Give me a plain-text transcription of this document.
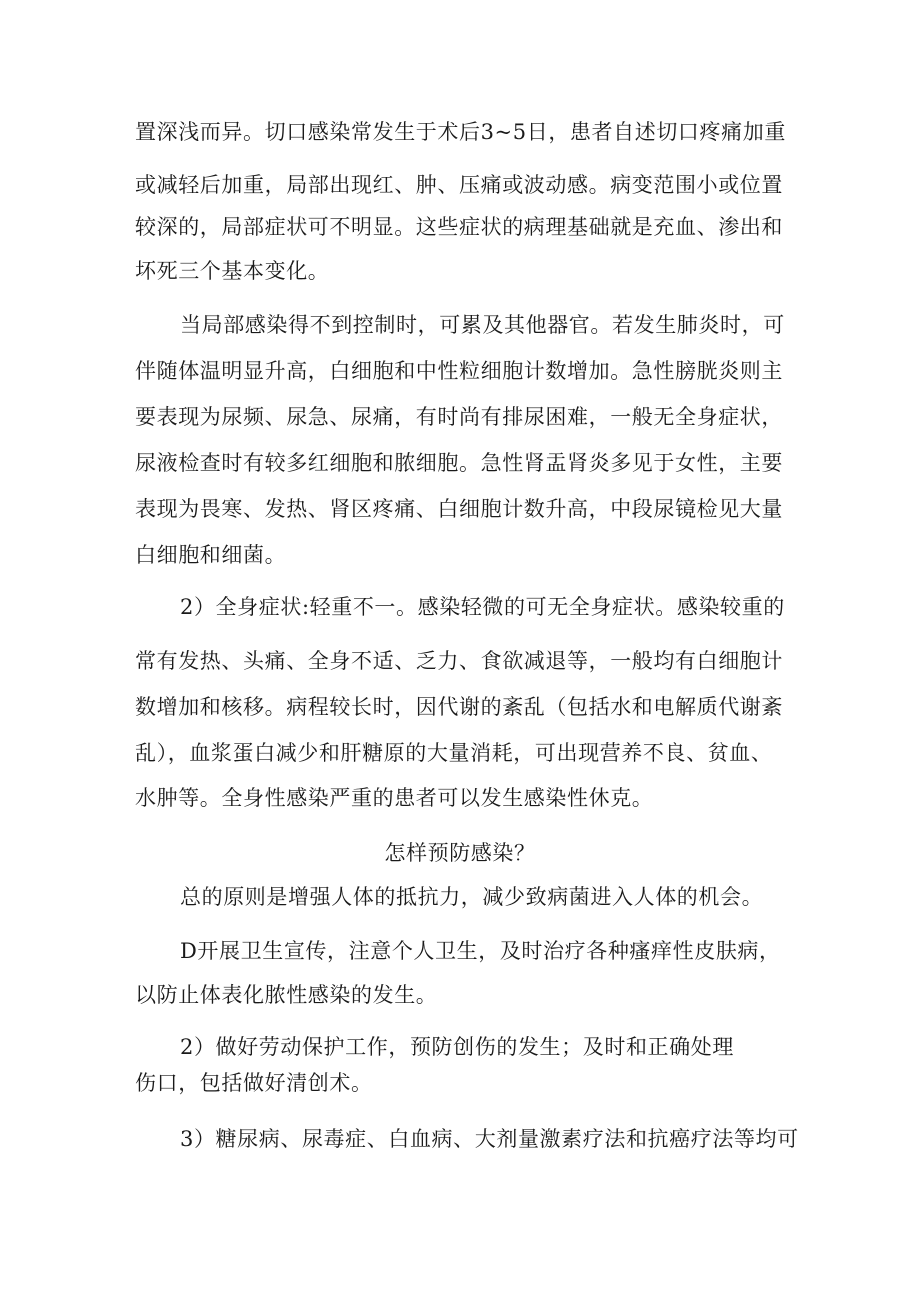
置深浅而异。切口感染常发生于术后3~5日，患者自述切口疼痛加重
或减轻后加重，局部出现红、肿、压痛或波动感。病变范围小或位置
较深的，局部症状可不明显。这些症状的病理基础就是充血、渗出和
坏死三个基本变化。
当局部感染得不到控制时，可累及其他器官。若发生肺炎时，可
伴随体温明显升高，白细胞和中性粒细胞计数增加。急性膀胱炎则主
要表现为尿频、尿急、尿痛，有时尚有排尿困难，一般无全身症状，
尿液检查时有较多红细胞和脓细胞。急性肾盂肾炎多见于女性，主要
表现为畏寒、发热、肾区疼痛、白细胞计数升高，中段尿镜检见大量
白细胞和细菌。
2）全身症状:轻重不一。感染轻微的可无全身症状。感染较重的
常有发热、头痛、全身不适、乏力、食欲减退等，一般均有白细胞计
数增加和核移。病程较长时，因代谢的紊乱（包括水和电解质代谢紊
乱），血浆蛋白减少和肝糖原的大量消耗，可出现营养不良、贫血、
水肿等。全身性感染严重的患者可以发生感染性休克。
怎样预防感染？
总的原则是增强人体的抵抗力，减少致病菌进入人体的机会。
D开展卫生宣传，注意个人卫生，及时治疗各种瘙痒性皮肤病，
以防止体表化脓性感染的发生。
2）做好劳动保护工作，预防创伤的发生；及时和正确处理
伤口，包括做好清创术。
3）糖尿病、尿毒症、白血病、大剂量激素疗法和抗癌疗法等均可
